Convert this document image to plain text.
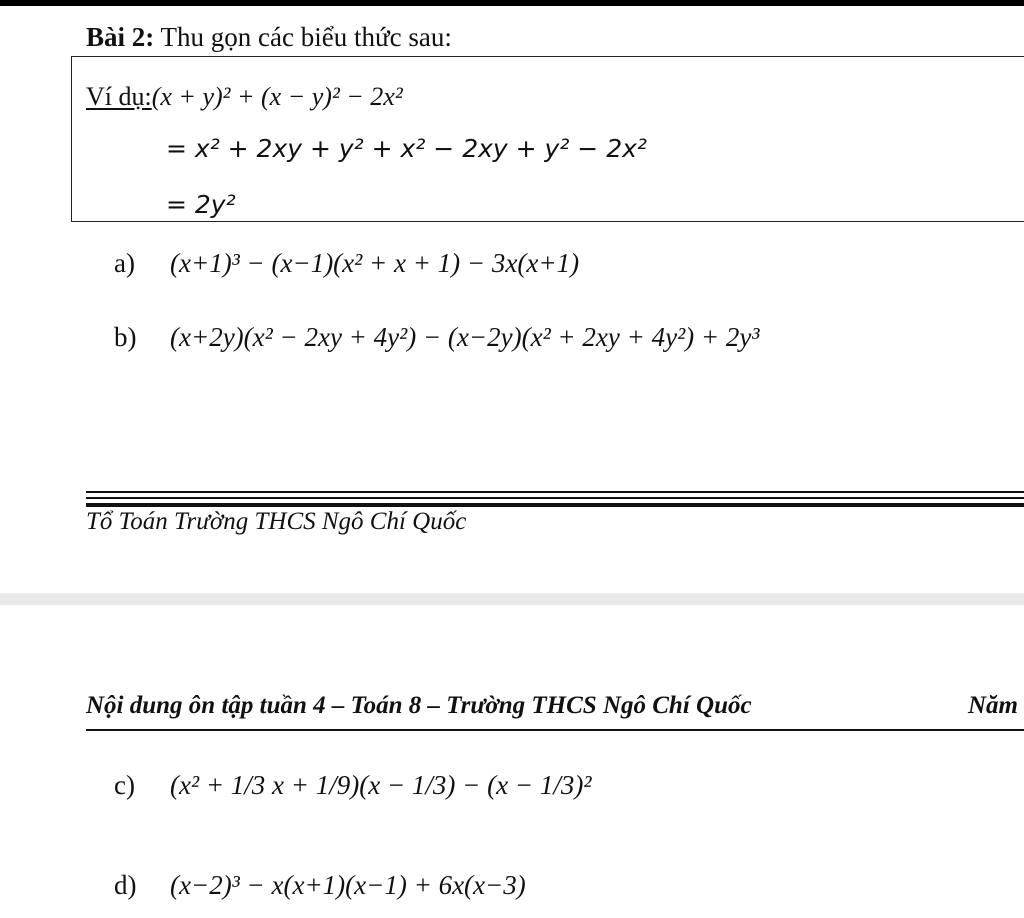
Bài 2: Thu gọn các biểu thức sau:
Ví dụ:(x + y)² + (x − y)² − 2x²
= x² + 2xy + y² + x² − 2xy + y² − 2x²
= 2y²
a) (x+1)³ − (x−1)(x² + x + 1) − 3x(x+1)
b) (x+2y)(x² − 2xy + 4y²) − (x−2y)(x² + 2xy + 4y²) + 2y³
Tổ Toán Trường THCS Ngô Chí Quốc
Nội dung ôn tập tuần 4 – Toán 8 – Trường THCS Ngô Chí Quốc	Năm
c) (x² + 1/3 x + 1/9)(x − 1/3) − (x − 1/3)²
d) (x−2)³ − x(x+1)(x−1) + 6x(x−3)
